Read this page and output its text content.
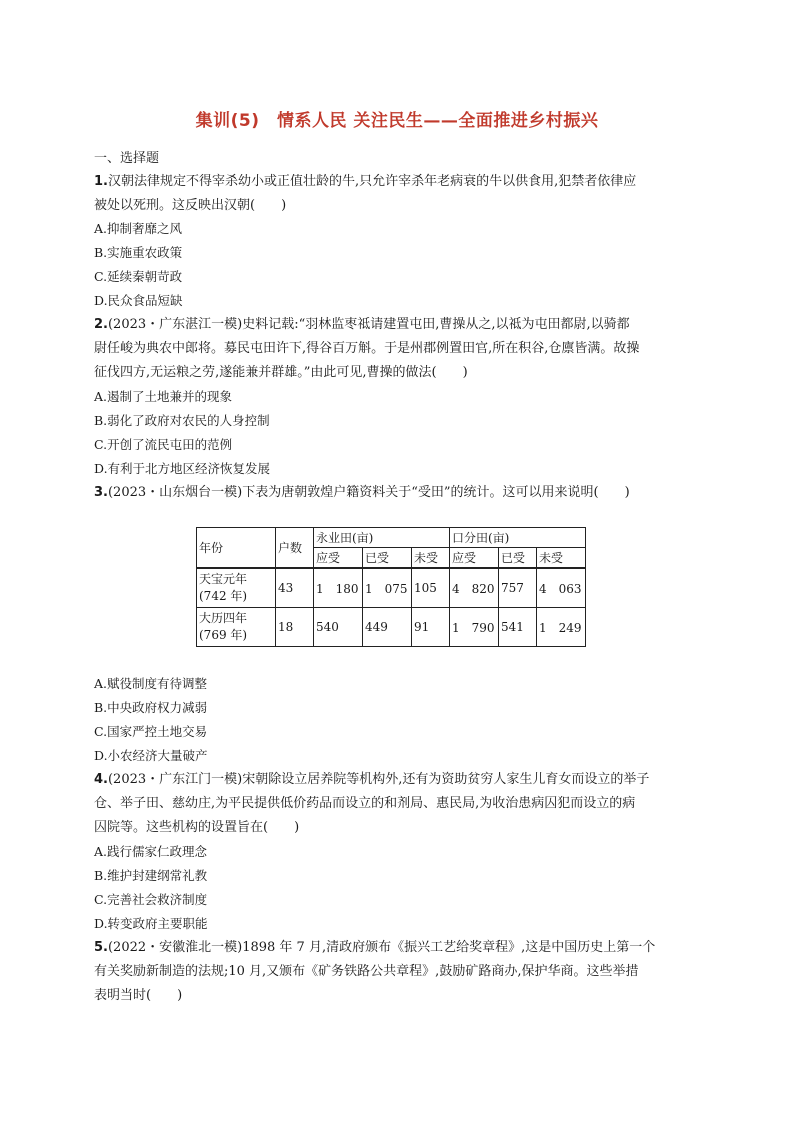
集训(5)　情系人民 关注民生——全面推进乡村振兴
一、选择题
1.汉朝法律规定不得宰杀幼小或正值壮龄的牛,只允许宰杀年老病衰的牛以供食用,犯禁者依律应
被处以死刑。这反映出汉朝(　　)
A.抑制奢靡之风
B.实施重农政策
C.延续秦朝苛政
D.民众食品短缺
2.(2023・广东湛江一模)史料记载:“羽林监枣祗请建置屯田,曹操从之,以祗为屯田都尉,以骑都
尉任峻为典农中郎将。募民屯田许下,得谷百万斛。于是州郡例置田官,所在积谷,仓廪皆满。故操
征伐四方,无运粮之劳,遂能兼并群雄。”由此可见,曹操的做法(　　)
A.遏制了土地兼并的现象
B.弱化了政府对农民的人身控制
C.开创了流民屯田的范例
D.有利于北方地区经济恢复发展
3.(2023・山东烟台一模)下表为唐朝敦煌户籍资料关于“受田”的统计。这可以用来说明(　　)
年份	户数	永业田(亩)			口分田(亩)		
		应受	已受	未受	应受	已受	未受

天宝元年
(742 年)	43	1　180	1　075	105	4　820	757	4　063

大历四年
(769 年)	18	540	449	91	1　790	541	1　249
A.赋役制度有待调整
B.中央政府权力减弱
C.国家严控土地交易
D.小农经济大量破产
4.(2023・广东江门一模)宋朝除设立居养院等机构外,还有为资助贫穷人家生儿育女而设立的举子
仓、举子田、慈幼庄,为平民提供低价药品而设立的和剂局、惠民局,为收治患病囚犯而设立的病
囚院等。这些机构的设置旨在(　　)
A.践行儒家仁政理念
B.维护封建纲常礼教
C.完善社会救济制度
D.转变政府主要职能
5.(2022・安徽淮北一模)1898 年 7 月,清政府颁布《振兴工艺给奖章程》,这是中国历史上第一个
有关奖励新制造的法规;10 月,又颁布《矿务铁路公共章程》,鼓励矿路商办,保护华商。这些举措
表明当时(　　)
